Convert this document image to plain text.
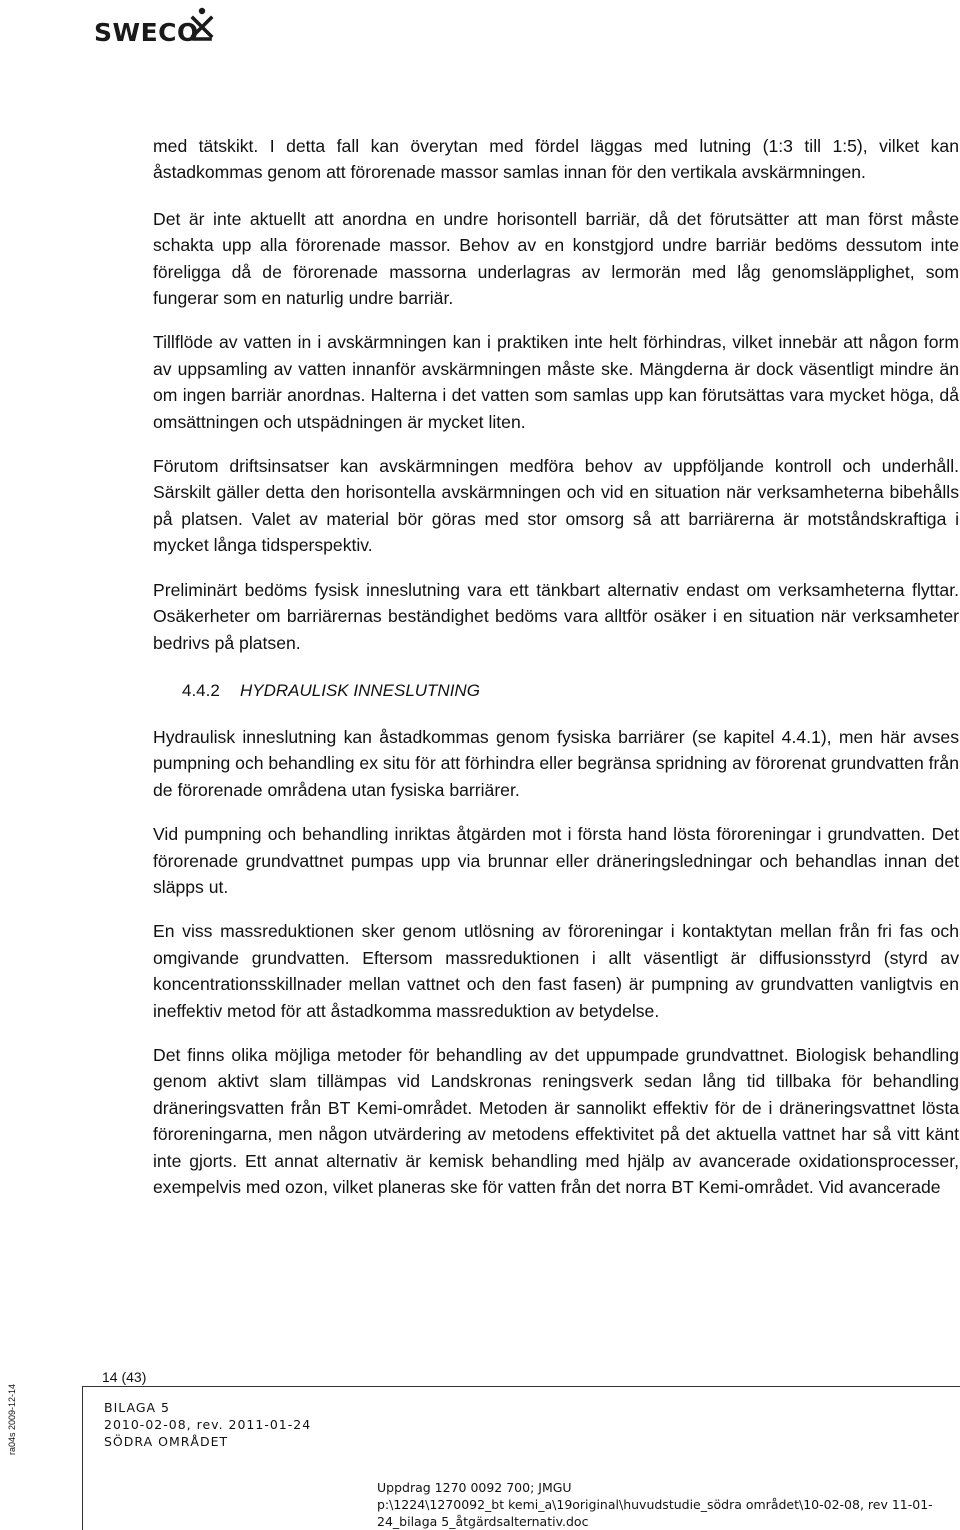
SWECO

med tätskikt. I detta fall kan överytan med fördel läggas med lutning (1:3 till 1:5), vilket kan åstadkommas genom att förorenade massor samlas innan för den vertikala avskärmningen.

Det är inte aktuellt att anordna en undre horisontell barriär, då det förutsätter att man först måste schakta upp alla förorenade massor. Behov av en konstgjord undre barriär bedöms dessutom inte föreligga då de förorenade massorna underlagras av lermorän med låg genomsläpplighet, som fungerar som en naturlig undre barriär.

Tillflöde av vatten in i avskärmningen kan i praktiken inte helt förhindras, vilket innebär att någon form av uppsamling av vatten innanför avskärmningen måste ske. Mängderna är dock väsentligt mindre än om ingen barriär anordnas. Halterna i det vatten som samlas upp kan förutsättas vara mycket höga, då omsättningen och utspädningen är mycket liten.

Förutom driftsinsatser kan avskärmningen medföra behov av uppföljande kontroll och underhåll. Särskilt gäller detta den horisontella avskärmningen och vid en situation när verksamheterna bibehålls på platsen. Valet av material bör göras med stor omsorg så att barriärerna är motståndskraftiga i mycket långa tidsperspektiv.

Preliminärt bedöms fysisk inneslutning vara ett tänkbart alternativ endast om verksamheterna flyttar. Osäkerheter om barriärernas beständighet bedöms vara alltför osäker i en situation när verksamheter bedrivs på platsen.

4.4.2 HYDRAULISK INNESLUTNING

Hydraulisk inneslutning kan åstadkommas genom fysiska barriärer (se kapitel 4.4.1), men här avses pumpning och behandling ex situ för att förhindra eller begränsa spridning av förorenat grundvatten från de förorenade områdena utan fysiska barriärer.

Vid pumpning och behandling inriktas åtgärden mot i första hand lösta föroreningar i grundvatten. Det förorenade grundvattnet pumpas upp via brunnar eller dräneringsledningar och behandlas innan det släpps ut.

En viss massreduktionen sker genom utlösning av föroreningar i kontaktytan mellan från fri fas och omgivande grundvatten. Eftersom massreduktionen i allt väsentligt är diffusionsstyrd (styrd av koncentrationsskillnader mellan vattnet och den fast fasen) är pumpning av grundvatten vanligtvis en ineffektiv metod för att åstadkomma massreduktion av betydelse.

Det finns olika möjliga metoder för behandling av det uppumpade grundvattnet. Biologisk behandling genom aktivt slam tillämpas vid Landskronas reningsverk sedan lång tid tillbaka för behandling dräneringsvatten från BT Kemi-området. Metoden är sannolikt effektiv för de i dräneringsvattnet lösta föroreningarna, men någon utvärdering av metodens effektivitet på det aktuella vattnet har så vitt känt inte gjorts. Ett annat alternativ är kemisk behandling med hjälp av avancerade oxidationsprocesser, exempelvis med ozon, vilket planeras ske för vatten från det norra BT Kemi-området. Vid avancerade

14 (43)
ra04s 2009-12-14	BILAGA 5
2010-02-08, rev. 2011-01-24
SÖDRA OMRÅDET
Uppdrag 1270 0092 700; JMGU
p:\1224\1270092_bt kemi_a\19original\huvudstudie_södra området\10-02-08, rev 11-01-
24_bilaga 5_åtgärdsalternativ.doc
